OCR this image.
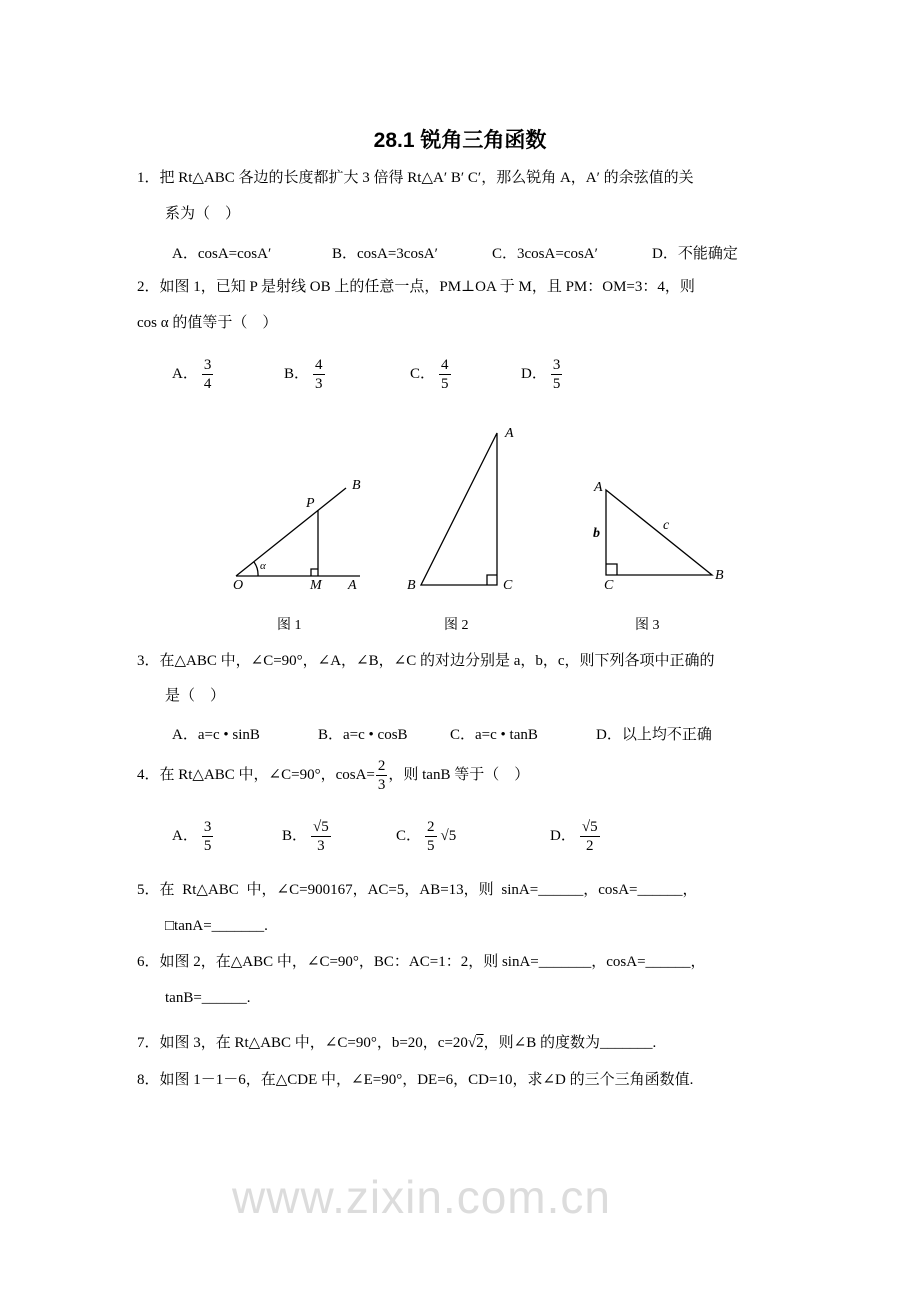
28.1 锐角三角函数
1．把 Rt△ABC 各边的长度都扩大 3 倍得 Rt△A′ B′ C′，那么锐角 A，A′ 的余弦值的关
系为（　）
A．cosA=cosA′	B．cosA=3cosA′	C．3cosA=cosA′	D．不能确定
2．如图 1，已知 P 是射线 OB 上的任意一点，PM⊥OA 于 M，且 PM：OM=3：4，则
cos α 的值等于（　）
A． $\frac{3}{4}$	B． $\frac{4}{3}$	C． $\frac{4}{5}$	D． $\frac{3}{5}$
B
P
O
α
M A
A
B	C
A
b
c
C
B
图 1	图 2	图 3
3．在△ABC 中，∠C=90°，∠A，∠B，∠C 的对边分别是 a，b，c，则下列各项中正确的
是（　）
A．a=c • sinB	B．a=c • cosB	C．a=c • tanB	D．以上均不正确
4．在 Rt△ABC 中，∠C=90°，$\cos A= \frac{2}{3}$ ，则 tanB 等于（　）
A． $\frac{3}{5}$	B． $\frac{√5}{3}$	C． $\frac{2}{5} √5$	D． $\frac{√5}{2}$
5．在 Rt△ABC 中，∠C=900167，AC=5，AB=13，则 sinA=______，cosA=______，
□tanA=_______.
6．如图 2，在△ABC 中，∠C=90°，BC：AC=1：2，则 sinA=_______，cosA=______，
tanB=______.
7．如图 3，在 Rt△ABC 中，∠C=90°，b=20，c=20√2，则∠B 的度数为_______.
8．如图 1－1－6，在△CDE 中，∠E=90°，DE=6，CD=10，求∠D 的三个三角函数值.
www.zixin.com.cn
